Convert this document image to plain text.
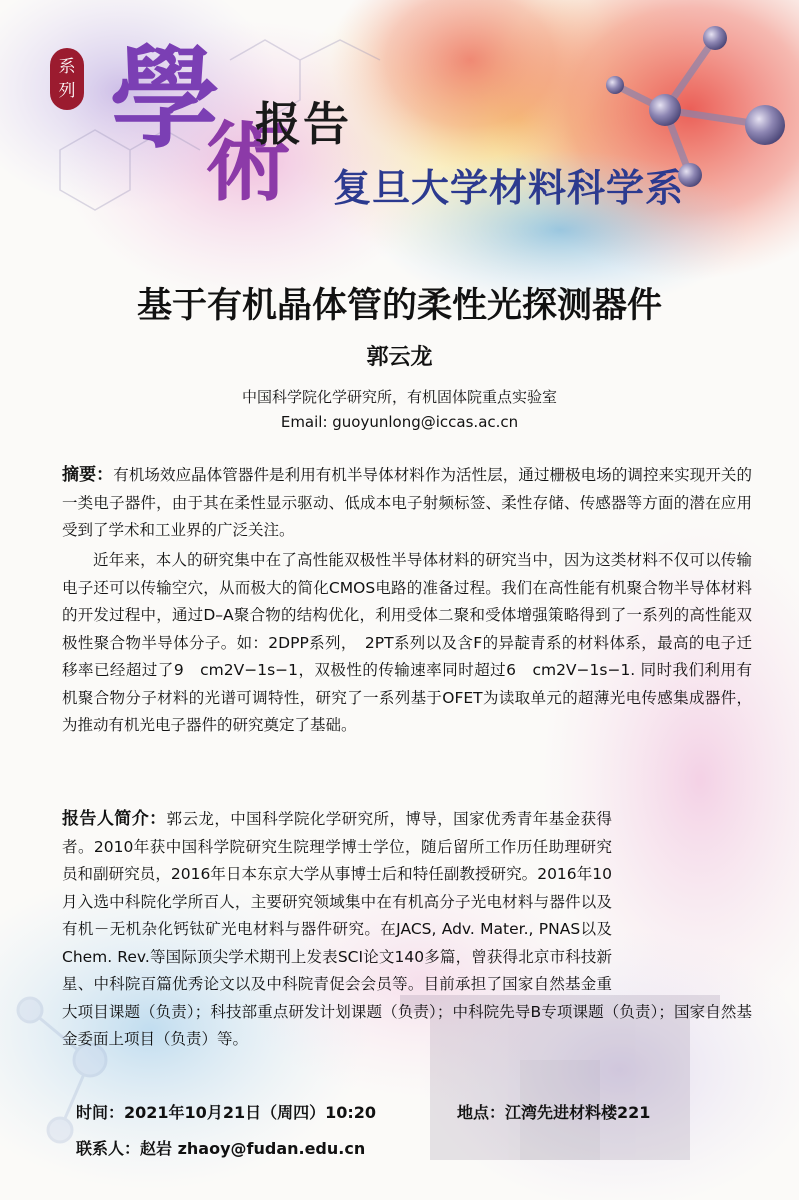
系
列 學
術
报告
复旦大学材料科学系
基于有机晶体管的柔性光探测器件
郭云龙
中国科学院化学研究所，有机固体院重点实验室
Email: guoyunlong@iccas.ac.cn
摘要：有机场效应晶体管器件是利用有机半导体材料作为活性层，通过栅极电场的调控来实现开关的一类电子器件，由于其在柔性显示驱动、低成本电子射频标签、柔性存储、传感器等方面的潜在应用受到了学术和工业界的广泛关注。
近年来，本人的研究集中在了高性能双极性半导体材料的研究当中，因为这类材料不仅可以传输电子还可以传输空穴，从而极大的简化CMOS电路的准备过程。我们在高性能有机聚合物半导体材料的开发过程中，通过D–A聚合物的结构优化，利用受体二聚和受体增强策略得到了一系列的高性能双极性聚合物半导体分子。如：2DPP系列，　2PT系列以及含F的异靛青系的材料体系，最高的电子迁移率已经超过了9　cm2V−1s−1，双极性的传输速率同时超过6　cm2V−1s−1. 同时我们利用有机聚合物分子材料的光谱可调特性，研究了一系列基于OFET为读取单元的超薄光电传感集成器件，为推动有机光电子器件的研究奠定了基础。
报告人简介：郭云龙，中国科学院化学研究所，博导，国家优秀青年基金获得者。2010年获中国科学院研究生院理学博士学位，随后留所工作历任助理研究员和副研究员，2016年日本东京大学从事博士后和特任副教授研究。2016年10月入选中科院化学所百人，主要研究领域集中在有机高分子光电材料与器件以及有机－无机杂化钙钛矿光电材料与器件研究。在JACS, Adv. Mater., PNAS以及Chem. Rev.等国际顶尖学术期刊上发表SCI论文140多篇，曾获得北京市科技新星、中科院百篇优秀论文以及中科院青促会会员等。目前承担了国家自然基金重大项目课题（负责）；科技部重点研发计划课题（负责）；中科院先导B专项课题（负责）；国家自然基金委面上项目（负责）等。
时间：2021年10月21日（周四）10:20	地点：江湾先进材料楼221
联系人：赵岩 zhaoy@fudan.edu.cn
